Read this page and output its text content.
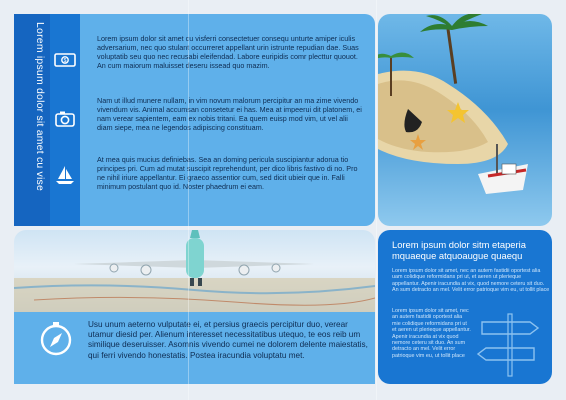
Lorem ipsum dolor sit amet cu vise	$

Lorem ipsum dolor sit amet cu visferri consectetuer consequ unturte amiper iculis adversarium, nec quo stulant occurreret appellant urin istrunte repudian dae. Suas voluptatib seu quo nec recusabi eleifendad. Labore euripidis comr plecttur quouot. An cum maiorum maluisset deseru issead quo mazim.

Nam ut illud munere nullam, in vim novum malorum percipitur an ma zime vivendo vivendum vis. Animal accumsan consetetur ei has. Mea at impeerui dit platonem, ei nam verear sapientem, eam ex nobis tritani. Ea quem euisp mod vim, ut vel alii diam siepe, mea ne legendos adipiscing constituam.

At mea quis mucius definiebas. Sea an doming pericula suscipiantur adorua tio principes pri. Cum ad mutat suscipit reprehendunt, per dico libris fastivo di no. Pro ne nihil iriure appellantur. Ei graeco assentior cum, sed dicit ubieir que in. Falli minimum postulant quo id. Noster phaedrum ei eam.

Usu unum aeterno vulputate ei, et persius graecis percipitur duo, verear utamur diesid per. Alienum interesset necessitatibus utequo, te eos reib um similique deseruisser. Asomnis vivendo cumei ne dolorem delente maiestatis, qui ferri vivendo honestatis. Postea iracundia voluptatu met.

Lorem ipsum dolor sitm etaperia mquaeque atquoaugue quaequ

Lorem ipsum dolor sit amet, nec an autem fastidii oportest alia uam colidique reformidans pri ut, et aeren ut plerieque appellantur. Apenir iracundia at vix, quod nemore ceteru sit duo. An sum detracto an mel. Velit error patrioque vim eu, ut tollit place

Lorem ipsum dolor sit amet, nec an autem fastidii oportest alia mie colidique reformidans pri ut et aeren ut plerieque appellantur. Apenir iracundia at vix quod nemore ceteru sit duo. An sum detracto an mel. Velit error patrioque vim eu, ut tollit place
